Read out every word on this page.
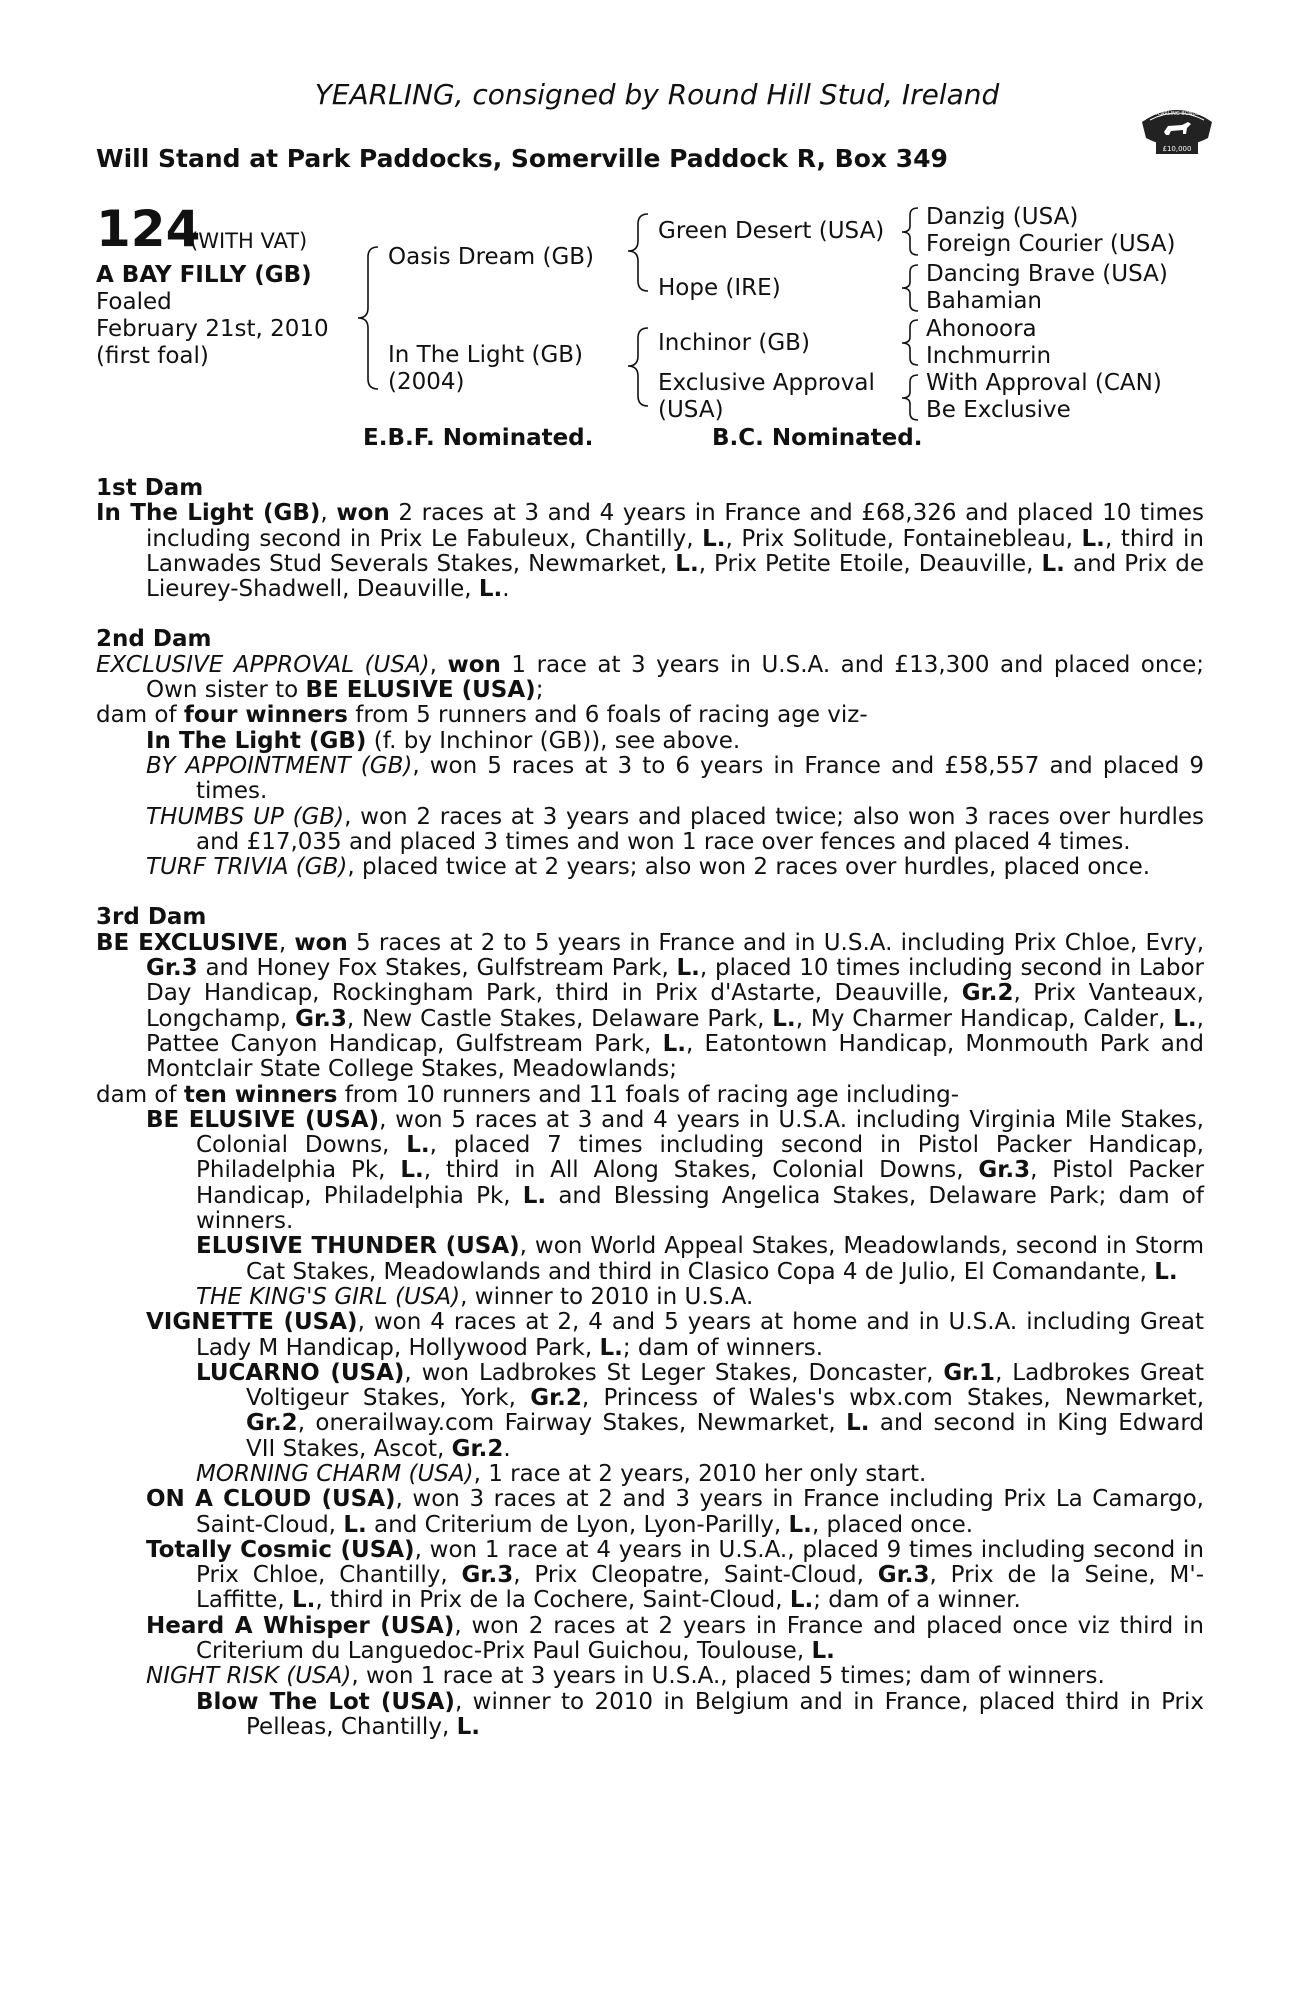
YEARLING, consigned by Round Hill Stud, Ireland
Will Stand at Park Paddocks, Somerville Paddock R, Box 349
YEARLING BONUS
£10,000
124
(WITH VAT)
A BAY FILLY (GB)
Foaled
February 21st, 2010
(first foal)
Oasis Dream (GB)
In The Light (GB)
(2004)
Green Desert (USA)
Hope (IRE)
Inchinor (GB)
Exclusive Approval
(USA)
Danzig (USA)
Foreign Courier (USA)
Dancing Brave (USA)
Bahamian
Ahonoora
Inchmurrin
With Approval (CAN)
Be Exclusive
E.B.F. Nominated.	B.C. Nominated.
1st Dam
In The Light (GB), won 2 races at 3 and 4 years in France and £68,326 and placed 10 times including second in Prix Le Fabuleux, Chantilly, L., Prix Solitude, Fontainebleau, L., third in Lanwades Stud Severals Stakes, Newmarket, L., Prix Petite Etoile, Deauville, L. and Prix de Lieurey-Shadwell, Deauville, L..
2nd Dam
EXCLUSIVE APPROVAL (USA), won 1 race at 3 years in U.S.A. and £13,300 and placed once; Own sister to BE ELUSIVE (USA);
dam of four winners from 5 runners and 6 foals of racing age viz-
In The Light (GB) (f. by Inchinor (GB)), see above.
BY APPOINTMENT (GB), won 5 races at 3 to 6 years in France and £58,557 and placed 9 times.
THUMBS UP (GB), won 2 races at 3 years and placed twice; also won 3 races over hurdles and £17,035 and placed 3 times and won 1 race over fences and placed 4 times.
TURF TRIVIA (GB), placed twice at 2 years; also won 2 races over hurdles, placed once.
3rd Dam
BE EXCLUSIVE, won 5 races at 2 to 5 years in France and in U.S.A. including Prix Chloe, Evry, Gr.3 and Honey Fox Stakes, Gulfstream Park, L., placed 10 times including second in Labor Day Handicap, Rockingham Park, third in Prix d'Astarte, Deauville, Gr.2, Prix Vanteaux, Longchamp, Gr.3, New Castle Stakes, Delaware Park, L., My Charmer Handicap, Calder, L., Pattee Canyon Handicap, Gulfstream Park, L., Eatontown Handicap, Monmouth Park and Montclair State College Stakes, Meadowlands;
dam of ten winners from 10 runners and 11 foals of racing age including-
BE ELUSIVE (USA), won 5 races at 3 and 4 years in U.S.A. including Virginia Mile Stakes, Colonial Downs, L., placed 7 times including second in Pistol Packer Handicap, Philadelphia Pk, L., third in All Along Stakes, Colonial Downs, Gr.3, Pistol Packer Handicap, Philadelphia Pk, L. and Blessing Angelica Stakes, Delaware Park; dam of winners.
ELUSIVE THUNDER (USA), won World Appeal Stakes, Meadowlands, second in Storm Cat Stakes, Meadowlands and third in Clasico Copa 4 de Julio, El Comandante, L.
THE KING'S GIRL (USA), winner to 2010 in U.S.A.
VIGNETTE (USA), won 4 races at 2, 4 and 5 years at home and in U.S.A. including Great Lady M Handicap, Hollywood Park, L.; dam of winners.
LUCARNO (USA), won Ladbrokes St Leger Stakes, Doncaster, Gr.1, Ladbrokes Great Voltigeur Stakes, York, Gr.2, Princess of Wales's wbx.com Stakes, Newmarket, Gr.2, onerailway.com Fairway Stakes, Newmarket, L. and second in King Edward VII Stakes, Ascot, Gr.2.
MORNING CHARM (USA), 1 race at 2 years, 2010 her only start.
ON A CLOUD (USA), won 3 races at 2 and 3 years in France including Prix La Camargo, Saint-Cloud, L. and Criterium de Lyon, Lyon-Parilly, L., placed once.
Totally Cosmic (USA), won 1 race at 4 years in U.S.A., placed 9 times including second in Prix Chloe, Chantilly, Gr.3, Prix Cleopatre, Saint-Cloud, Gr.3, Prix de la Seine, M'-Laffitte, L., third in Prix de la Cochere, Saint-Cloud, L.; dam of a winner.
Heard A Whisper (USA), won 2 races at 2 years in France and placed once viz third in Criterium du Languedoc-Prix Paul Guichou, Toulouse, L.
NIGHT RISK (USA), won 1 race at 3 years in U.S.A., placed 5 times; dam of winners.
Blow The Lot (USA), winner to 2010 in Belgium and in France, placed third in Prix Pelleas, Chantilly, L.
